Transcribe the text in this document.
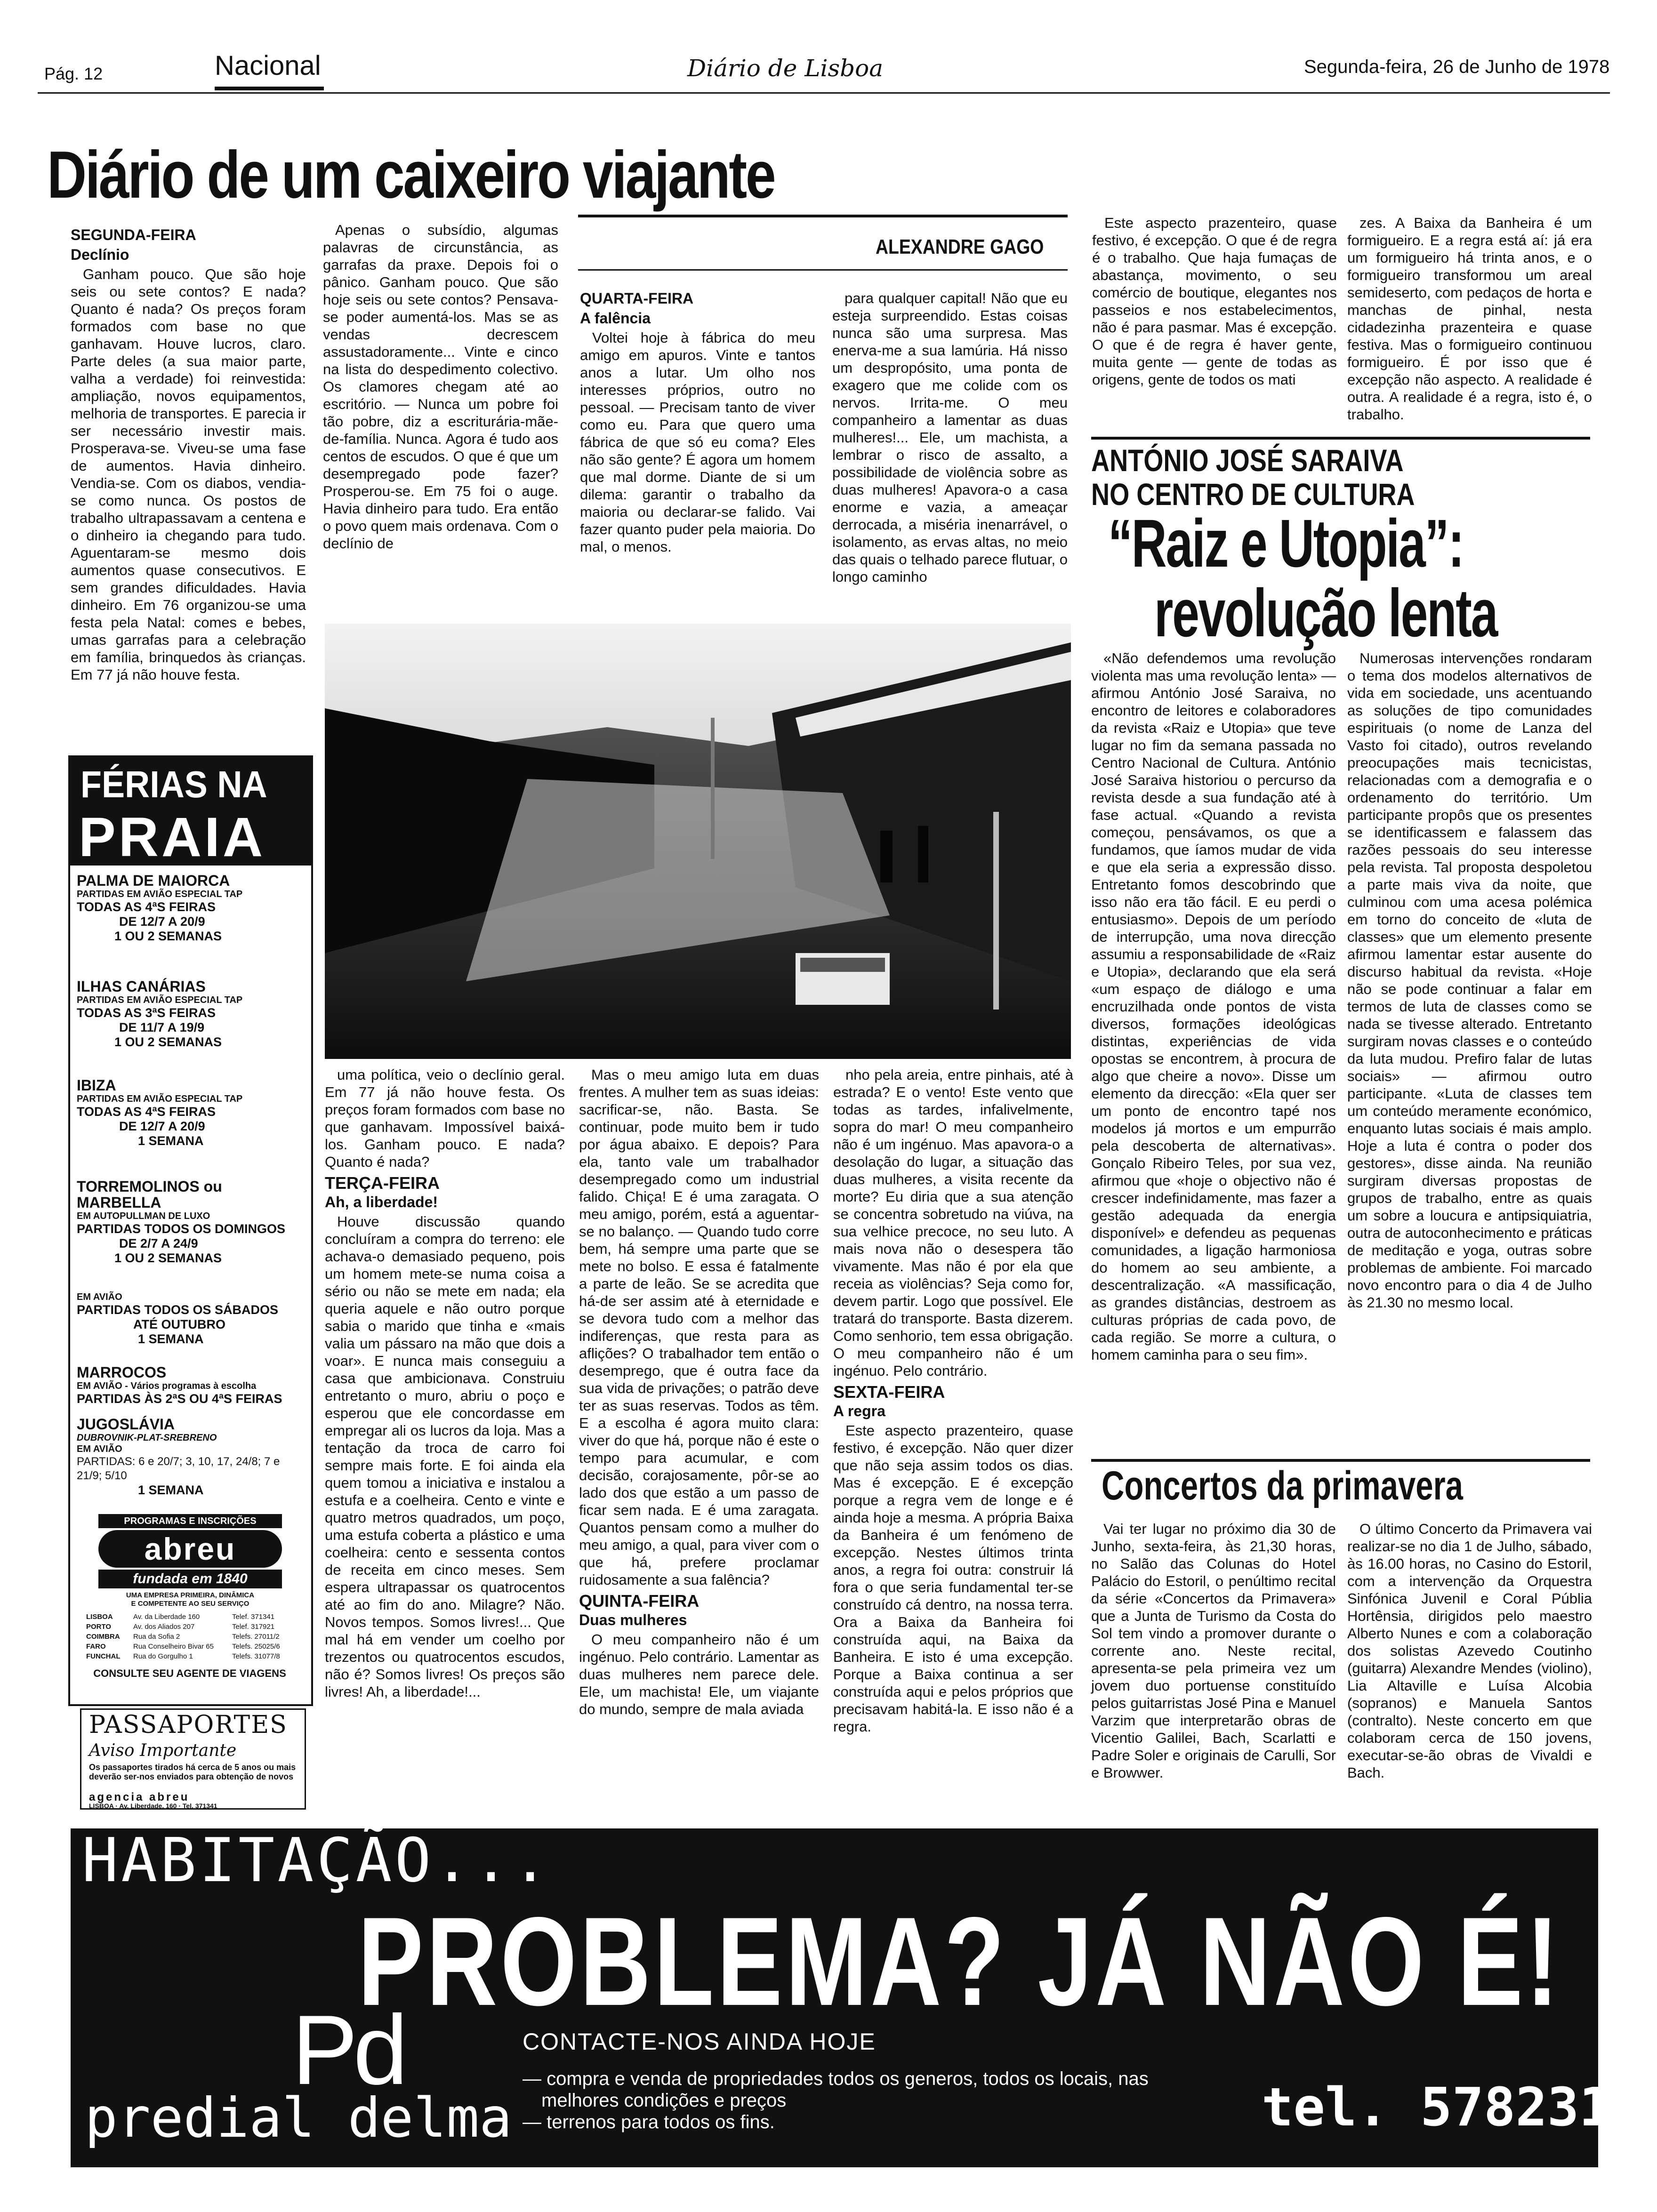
Pág. 12	Nacional	Diário de Lisboa	Segunda-feira, 26 de Junho de 1978
Diário de um caixeiro viajante
SEGUNDA-FEIRA
Declínio

Ganham pouco. Que são hoje seis ou sete contos? E nada? Quanto é nada? Os preços foram formados com base no que ganhavam. Houve lucros, claro. Parte deles (a sua maior parte, valha a verdade) foi reinvestida: ampliação, novos equipamentos, melhoria de transportes. E parecia ir ser necessário investir mais. Prosperava-se. Viveu-se uma fase de aumentos. Havia dinheiro. Vendia-se. Com os diabos, vendia-se como nunca. Os postos de trabalho ultrapassavam a centena e o dinheiro ia chegando para tudo. Aguentaram-se mesmo dois aumentos quase consecutivos. E sem grandes dificuldades. Havia dinheiro. Em 76 organizou-se uma festa pela Natal: comes e bebes, umas garrafas para a celebração em família, brinquedos às crianças. Em 77 já não houve festa.

Apenas o subsídio, algumas palavras de circunstância, as garrafas da praxe. Depois foi o pânico. Ganham pouco. Que são hoje seis ou sete contos? Pensava-se poder aumentá-los. Mas se as vendas decrescem assustadoramente... Vinte e cinco na lista do despedimento colectivo. Os clamores chegam até ao escritório. — Nunca um pobre foi tão pobre, diz a escriturária-mãe-de-família. Nunca. Agora é tudo aos centos de escudos. O que é que um desempregado pode fazer? Prosperou-se. Em 75 foi o auge. Havia dinheiro para tudo. Era então o povo quem mais ordenava. Com o declínio de

ALEXANDRE GAGO
QUARTA-FEIRA
A falência

Voltei hoje à fábrica do meu amigo em apuros. Vinte e tantos anos a lutar. Um olho nos interesses próprios, outro no pessoal. — Precisam tanto de viver como eu. Para que quero uma fábrica de que só eu coma? Eles não são gente? É agora um homem que mal dorme. Diante de si um dilema: garantir o trabalho da maioria ou declarar-se falido. Vai fazer quanto puder pela maioria. Do mal, o menos.

para qualquer capital! Não que eu esteja surpreendido. Estas coisas nunca são uma surpresa. Mas enerva-me a sua lamúria. Há nisso um despropósito, uma ponta de exagero que me colide com os nervos. Irrita-me. O meu companheiro a lamentar as duas mulheres!... Ele, um machista, a lembrar o risco de assalto, a possibilidade de violência sobre as duas mulheres! Apavora-o a casa enorme e vazia, a ameaçar derrocada, a miséria inenarrável, o isolamento, as ervas altas, no meio das quais o telhado parece flutuar, o longo caminho

Este aspecto prazenteiro, quase festivo, é excepção. O que é de regra é o trabalho. Que haja fumaças de abastança, movimento, o seu comércio de boutique, elegantes nos passeios e nos estabelecimentos, não é para pasmar. Mas é excepção. O que é de regra é haver gente, muita gente — gente de todas as origens, gente de todos os mati

zes. A Baixa da Banheira é um formigueiro. E a regra está aí: já era um formigueiro há trinta anos, e o formigueiro transformou um areal semideserto, com pedaços de horta e manchas de pinhal, nesta cidadezinha prazenteira e quase festiva. Mas o formigueiro continuou formigueiro. É por isso que é excepção não aspecto. A realidade é outra. A realidade é a regra, isto é, o trabalho.

uma política, veio o declínio geral. Em 77 já não houve festa. Os preços foram formados com base no que ganhavam. Impossível baixá-los. Ganham pouco. E nada? Quanto é nada?

TERÇA-FEIRA
Ah, a liberdade!

Houve discussão quando concluíram a compra do terreno: ele achava-o demasiado pequeno, pois um homem mete-se numa coisa a sério ou não se mete em nada; ela queria aquele e não outro porque sabia o marido que tinha e «mais valia um pássaro na mão que dois a voar». E nunca mais conseguiu a casa que ambicionava. Construiu entretanto o muro, abriu o poço e esperou que ele concordasse em empregar ali os lucros da loja. Mas a tentação da troca de carro foi sempre mais forte. E foi ainda ela quem tomou a iniciativa e instalou a estufa e a coelheira. Cento e vinte e quatro metros quadrados, um poço, uma estufa coberta a plástico e uma coelheira: cento e sessenta contos de receita em cinco meses. Sem espera ultrapassar os quatrocentos até ao fim do ano. Milagre? Não. Novos tempos. Somos livres!... Que mal há em vender um coelho por trezentos ou quatrocentos escudos, não é? Somos livres! Os preços são livres! Ah, a liberdade!...

Mas o meu amigo luta em duas frentes. A mulher tem as suas ideias: sacrificar-se, não. Basta. Se continuar, pode muito bem ir tudo por água abaixo. E depois? Para ela, tanto vale um trabalhador desempregado como um industrial falido. Chiça! E é uma zaragata. O meu amigo, porém, está a aguentar-se no balanço. — Quando tudo corre bem, há sempre uma parte que se mete no bolso. E essa é fatalmente a parte de leão. Se se acredita que há-de ser assim até à eternidade e se devora tudo com a melhor das indiferenças, que resta para as aflições? O trabalhador tem então o desemprego, que é outra face da sua vida de privações; o patrão deve ter as suas reservas. Todos as têm. E a escolha é agora muito clara: viver do que há, porque não é este o tempo para acumular, e com decisão, corajosamente, pôr-se ao lado dos que estão a um passo de ficar sem nada. E é uma zaragata. Quantos pensam como a mulher do meu amigo, a qual, para viver com o que há, prefere proclamar ruidosamente a sua falência?

QUINTA-FEIRA
Duas mulheres

O meu companheiro não é um ingénuo. Pelo contrário. Lamentar as duas mulheres nem parece dele. Ele, um machista! Ele, um viajante do mundo, sempre de mala aviada

nho pela areia, entre pinhais, até à estrada? E o vento! Este vento que todas as tardes, infalivelmente, sopra do mar! O meu companheiro não é um ingénuo. Mas apavora-o a desolação do lugar, a situação das duas mulheres, a visita recente da morte? Eu diria que a sua atenção se concentra sobretudo na viúva, na sua velhice precoce, no seu luto. A mais nova não o desespera tão vivamente. Mas não é por ela que receia as violências? Seja como for, devem partir. Logo que possível. Ele tratará do transporte. Basta dizerem. Como senhorio, tem essa obrigação. O meu companheiro não é um ingénuo. Pelo contrário.

SEXTA-FEIRA
A regra

Este aspecto prazenteiro, quase festivo, é excepção. Não quer dizer que não seja assim todos os dias. Mas é excepção. E é excepção porque a regra vem de longe e é ainda hoje a mesma. A própria Baixa da Banheira é um fenómeno de excepção. Nestes últimos trinta anos, a regra foi outra: construir lá fora o que seria fundamental ter-se construído cá dentro, na nossa terra. Ora a Baixa da Banheira foi construída aqui, na Baixa da Banheira. E isto é uma excepção. Porque a Baixa continua a ser construída aqui e pelos próprios que precisavam habitá-la. E isso não é a regra.

ANTÓNIO JOSÉ SARAIVA
NO CENTRO DE CULTURA
“Raiz e Utopia”:
revolução lenta

«Não defendemos uma revolução violenta mas uma revolução lenta» — afirmou António José Saraiva, no encontro de leitores e colaboradores da revista «Raiz e Utopia» que teve lugar no fim da semana passada no Centro Nacional de Cultura. António José Saraiva historiou o percurso da revista desde a sua fundação até à fase actual. «Quando a revista começou, pensávamos, os que a fundamos, que íamos mudar de vida e que ela seria a expressão disso. Entretanto fomos descobrindo que isso não era tão fácil. E eu perdi o entusiasmo». Depois de um período de interrupção, uma nova direcção assumiu a responsabilidade de «Raiz e Utopia», declarando que ela será «um espaço de diálogo e uma encruzilhada onde pontos de vista diversos, formações ideológicas distintas, experiências de vida opostas se encontrem, à procura de algo que cheire a novo». Disse um elemento da direcção: «Ela quer ser um ponto de encontro tapé nos modelos já mortos e um empurrão pela descoberta de alternativas». Gonçalo Ribeiro Teles, por sua vez, afirmou que «hoje o objectivo não é crescer indefinidamente, mas fazer a gestão adequada da energia disponível» e defendeu as pequenas comunidades, a ligação harmoniosa do homem ao seu ambiente, a descentralização. «A massificação, as grandes distâncias, destroem as culturas próprias de cada povo, de cada região. Se morre a cultura, o homem caminha para o seu fim».

Numerosas intervenções rondaram o tema dos modelos alternativos de vida em sociedade, uns acentuando as soluções de tipo comunidades espirituais (o nome de Lanza del Vasto foi citado), outros revelando preocupações mais tecnicistas, relacionadas com a demografia e o ordenamento do território. Um participante propôs que os presentes se identificassem e falassem das razões pessoais do seu interesse pela revista. Tal proposta despoletou a parte mais viva da noite, que culminou com uma acesa polémica em torno do conceito de «luta de classes» que um elemento presente afirmou lamentar estar ausente do discurso habitual da revista. «Hoje não se pode continuar a falar em termos de luta de classes como se nada se tivesse alterado. Entretanto surgiram novas classes e o conteúdo da luta mudou. Prefiro falar de lutas sociais» — afirmou outro participante. «Luta de classes tem um conteúdo meramente económico, enquanto lutas sociais é mais amplo. Hoje a luta é contra o poder dos gestores», disse ainda. Na reunião surgiram diversas propostas de grupos de trabalho, entre as quais um sobre a loucura e antipsiquiatria, outra de autoconhecimento e práticas de meditação e yoga, outras sobre problemas de ambiente. Foi marcado novo encontro para o dia 4 de Julho às 21.30 no mesmo local.

Concertos da primavera

Vai ter lugar no próximo dia 30 de Junho, sexta-feira, às 21,30 horas, no Salão das Colunas do Hotel Palácio do Estoril, o penúltimo recital da série «Concertos da Primavera» que a Junta de Turismo da Costa do Sol tem vindo a promover durante o corrente ano. Neste recital, apresenta-se pela primeira vez um jovem duo portuense constituído pelos guitarristas José Pina e Manuel Varzim que interpretarão obras de Vicentio Galilei, Bach, Scarlatti e Padre Soler e originais de Carulli, Sor e Browwer.

O último Concerto da Primavera vai realizar-se no dia 1 de Julho, sábado, às 16.00 horas, no Casino do Estoril, com a intervenção da Orquestra Sinfónica Juvenil e Coral Públia Hortênsia, dirigidos pelo maestro Alberto Nunes e com a colaboração dos solistas Azevedo Coutinho (guitarra) Alexandre Mendes (violino), Lia Altaville e Luísa Alcobia (sopranos) e Manuela Santos (contralto). Neste concerto em que colaboram cerca de 150 jovens, executar-se-ão obras de Vivaldi e Bach.

FÉRIAS NA
PRAIA
PALMA DE MAIORCA
PARTIDAS EM AVIÃO ESPECIAL TAP
TODAS AS 4ªS FEIRAS
DE 12/7 A 20/9
1 OU 2 SEMANAS
ILHAS CANÁRIAS
PARTIDAS EM AVIÃO ESPECIAL TAP
TODAS AS 3ªS FEIRAS
DE 11/7 A 19/9
1 OU 2 SEMANAS
IBIZA
PARTIDAS EM AVIÃO ESPECIAL TAP
TODAS AS 4ªS FEIRAS
DE 12/7 A 20/9
1 SEMANA
TORREMOLINOS ou MARBELLA
EM AUTOPULLMAN DE LUXO
PARTIDAS TODOS OS DOMINGOS
DE 2/7 A 24/9
1 OU 2 SEMANAS
EM AVIÃO
PARTIDAS TODOS OS SÁBADOS
ATÉ OUTUBRO
1 SEMANA
MARROCOS
EM AVIÃO - Vários programas à escolha
PARTIDAS ÀS 2ªS OU 4ªS FEIRAS
JUGOSLÁVIA
DUBROVNIK-PLAT-SREBRENO
EM AVIÃO
PARTIDAS: 6 e 20/7; 3, 10, 17, 24/8; 7 e 21/9; 5/10
1 SEMANA
PROGRAMAS E INSCRIÇÕES
abreu
fundada em 1840
UMA EMPRESA PRIMEIRA, DINÂMICA
E COMPETENTE AO SEU SERVIÇO
LISBOA	Av. da Liberdade 160	Telef. 371341
PORTO	Av. dos Aliados 207	Telef. 317921
COIMBRA	Rua da Sofia 2	Telefs. 27011/2
FARO	Rua Conselheiro Bivar 65	Telefs. 25025/6
FUNCHAL	Rua do Gorgulho 1	Telefs. 31077/8
CONSULTE SEU AGENTE DE VIAGENS
PASSAPORTES
Aviso Importante
Os passaportes tirados há cerca de 5 anos ou mais deverão ser-nos enviados para obtenção de novos
agencia abreu
LISBOA · Av. Liberdade, 160 · Tel. 371341
HABITAÇÃO...
PROBLEMA? JÁ NÃO É!
Pd
predial delma
CONTACTE-NOS AINDA HOJE
— compra e venda de propriedades todos os generos, todos os locais, nas
melhores condições e preços
— terrenos para todos os fins.	tel. 578231
